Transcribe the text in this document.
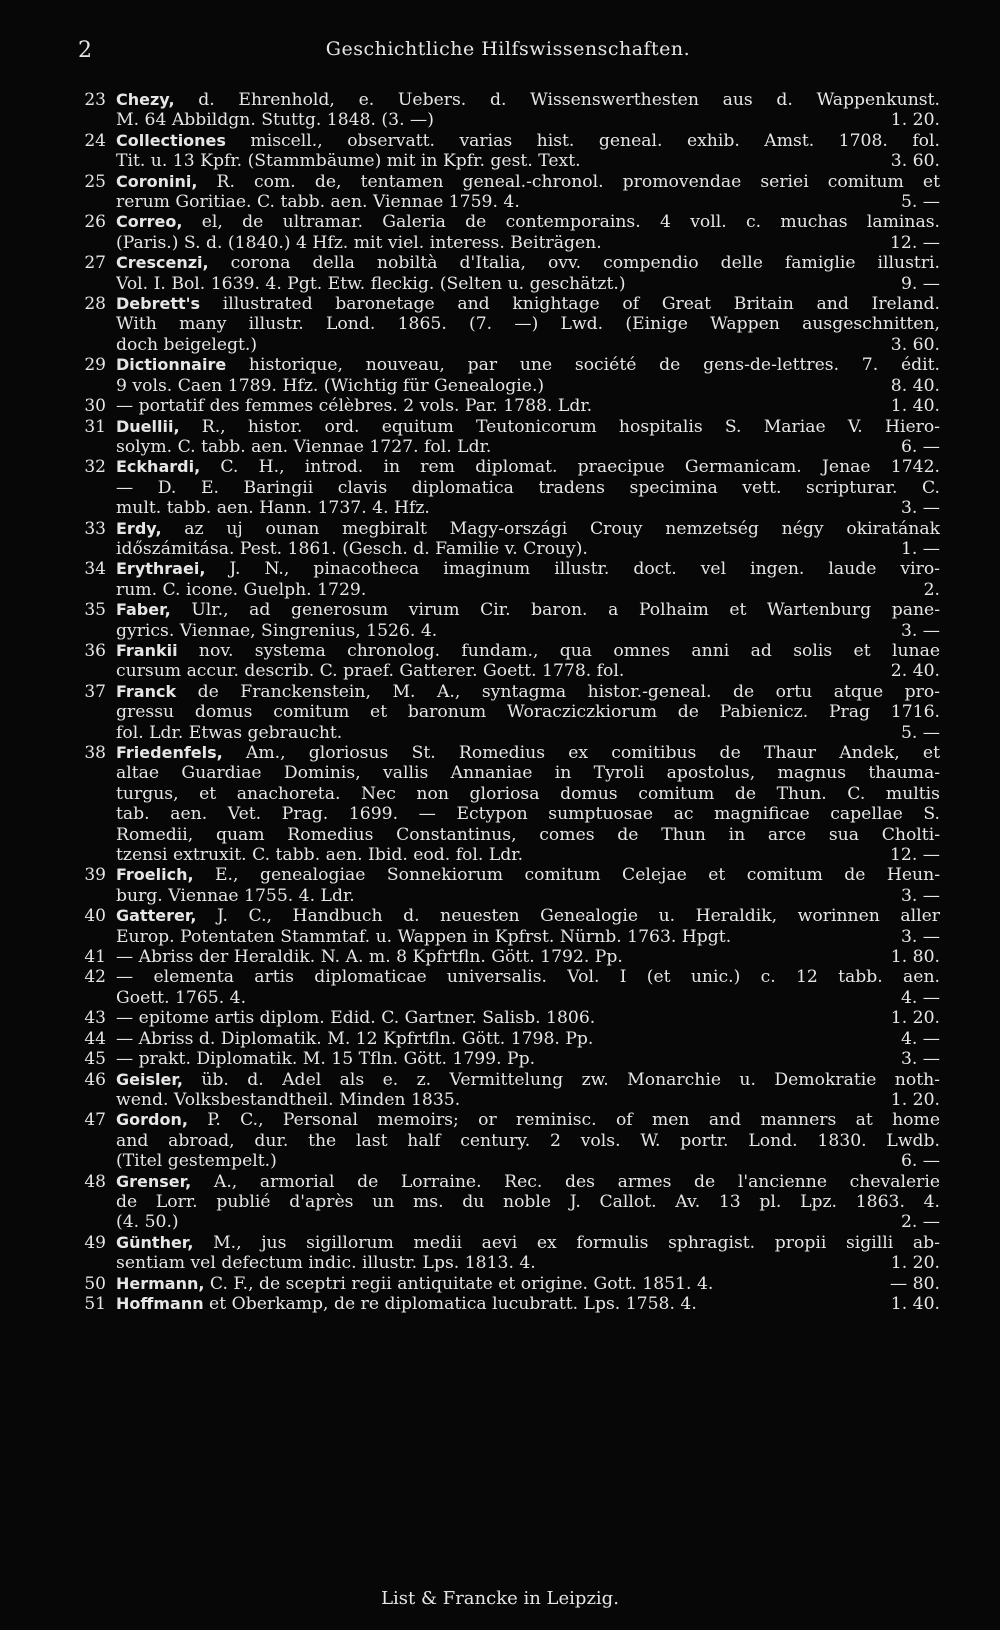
2	Geschichtliche Hilfswissenschaften.
23 Chezy, d. Ehrenhold, e. Uebers. d. Wissenswerthesten aus d. Wappenkunst.
M. 64 Abbildgn. Stuttg. 1848. (3. —)	1. 20.
24 Collectiones miscell., observatt. varias hist. geneal. exhib. Amst. 1708. fol.
Tit. u. 13 Kpfr. (Stammbäume) mit in Kpfr. gest. Text.	3. 60.
25 Coronini, R. com. de, tentamen geneal.-chronol. promovendae seriei comitum et
rerum Goritiae. C. tabb. aen. Viennae 1759. 4.	5. —
26 Correo, el, de ultramar. Galeria de contemporains. 4 voll. c. muchas laminas.
(Paris.) S. d. (1840.) 4 Hfz. mit viel. interess. Beiträgen.	12. —
27 Crescenzi, corona della nobiltà d'Italia, ovv. compendio delle famiglie illustri.
Vol. I. Bol. 1639. 4. Pgt. Etw. fleckig. (Selten u. geschätzt.)	9. —
28 Debrett's illustrated baronetage and knightage of Great Britain and Ireland.
With many illustr. Lond. 1865. (7. —) Lwd. (Einige Wappen ausgeschnitten,
doch beigelegt.)	3. 60.
29 Dictionnaire historique, nouveau, par une société de gens-de-lettres. 7. édit.
9 vols. Caen 1789. Hfz. (Wichtig für Genealogie.)	8. 40.
30 — portatif des femmes célèbres. 2 vols. Par. 1788. Ldr.	1. 40.
31 Duellii, R., histor. ord. equitum Teutonicorum hospitalis S. Mariae V. Hiero-
solym. C. tabb. aen. Viennae 1727. fol. Ldr.	6. —
32 Eckhardi, C. H., introd. in rem diplomat. praecipue Germanicam. Jenae 1742.
— D. E. Baringii clavis diplomatica tradens specimina vett. scripturar. C.
mult. tabb. aen. Hann. 1737. 4. Hfz.	3. —
33 Erdy, az uj ounan megbiralt Magy-országi Crouy nemzetség négy okiratának
időszámitása. Pest. 1861. (Gesch. d. Familie v. Crouy).	1. —
34 Erythraei, J. N., pinacotheca imaginum illustr. doct. vel ingen. laude viro-
rum. C. icone. Guelph. 1729.	2.
35 Faber, Ulr., ad generosum virum Cir. baron. a Polhaim et Wartenburg pane-
gyrics. Viennae, Singrenius, 1526. 4.	3. —
36 Frankii nov. systema chronolog. fundam., qua omnes anni ad solis et lunae
cursum accur. describ. C. praef. Gatterer. Goett. 1778. fol.	2. 40.
37 Franck de Franckenstein, M. A., syntagma histor.-geneal. de ortu atque pro-
gressu domus comitum et baronum Woracziczkiorum de Pabienicz. Prag 1716.
fol. Ldr. Etwas gebraucht.	5. —
38 Friedenfels, Am., gloriosus St. Romedius ex comitibus de Thaur Andek, et
altae Guardiae Dominis, vallis Annaniae in Tyroli apostolus, magnus thauma-
turgus, et anachoreta. Nec non gloriosa domus comitum de Thun. C. multis
tab. aen. Vet. Prag. 1699. — Ectypon sumptuosae ac magnificae capellae S.
Romedii, quam Romedius Constantinus, comes de Thun in arce sua Cholti-
tzensi extruxit. C. tabb. aen. Ibid. eod. fol. Ldr.	12. —
39 Froelich, E., genealogiae Sonnekiorum comitum Celejae et comitum de Heun-
burg. Viennae 1755. 4. Ldr.	3. —
40 Gatterer, J. C., Handbuch d. neuesten Genealogie u. Heraldik, worinnen aller
Europ. Potentaten Stammtaf. u. Wappen in Kpfrst. Nürnb. 1763. Hpgt.	3. —
41 — Abriss der Heraldik. N. A. m. 8 Kpfrtfln. Gött. 1792. Pp.	1. 80.
42 — elementa artis diplomaticae universalis. Vol. I (et unic.) c. 12 tabb. aen.
Goett. 1765. 4.	4. —
43 — epitome artis diplom. Edid. C. Gartner. Salisb. 1806.	1. 20.
44 — Abriss d. Diplomatik. M. 12 Kpfrtfln. Gött. 1798. Pp.	4. —
45 — prakt. Diplomatik. M. 15 Tfln. Gött. 1799. Pp.	3. —
46 Geisler, üb. d. Adel als e. z. Vermittelung zw. Monarchie u. Demokratie noth-
wend. Volksbestandtheil. Minden 1835.	1. 20.
47 Gordon, P. C., Personal memoirs; or reminisc. of men and manners at home
and abroad, dur. the last half century. 2 vols. W. portr. Lond. 1830. Lwdb.
(Titel gestempelt.)	6. —
48 Grenser, A., armorial de Lorraine. Rec. des armes de l'ancienne chevalerie
de Lorr. publié d'après un ms. du noble J. Callot. Av. 13 pl. Lpz. 1863. 4.
(4. 50.)	2. —
49 Günther, M., jus sigillorum medii aevi ex formulis sphragist. propii sigilli ab-
sentiam vel defectum indic. illustr. Lps. 1813. 4.	1. 20.
50 Hermann, C. F., de sceptri regii antiquitate et origine. Gott. 1851. 4.	— 80.
51 Hoffmann et Oberkamp, de re diplomatica lucubratt. Lps. 1758. 4.	1. 40.
List & Francke in Leipzig.
